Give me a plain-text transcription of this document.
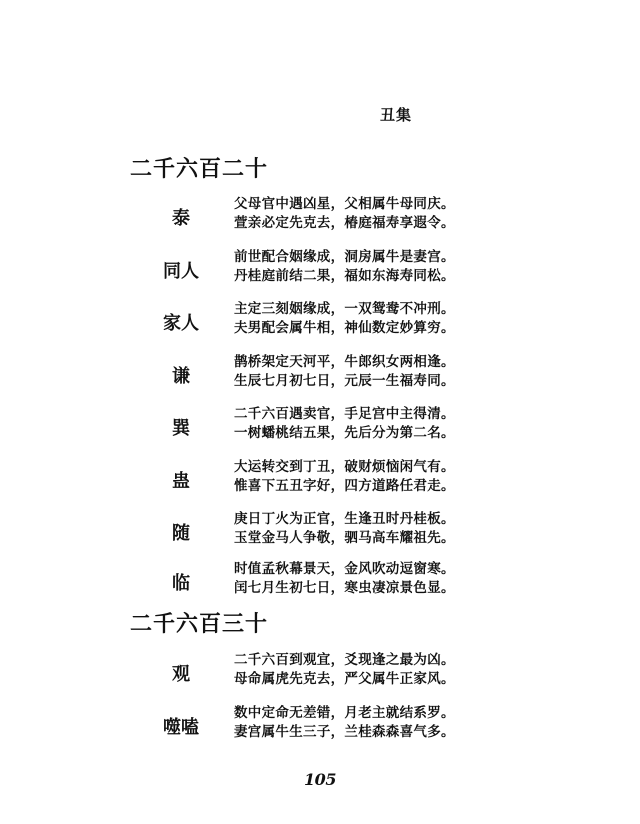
丑集
二千六百二十
泰
父母官中遇凶星，父相属牛母同庆。
萱亲必定先克去，椿庭福寿享遐令。
同人
前世配合姻缘成，洞房属牛是妻宫。
丹桂庭前结二果，福如东海寿同松。
家人
主定三刻姻缘成，一双鸳鸯不冲刑。
夫男配会属牛相，神仙数定妙算穷。
谦
鹊桥架定天河平，牛郎织女两相逢。
生辰七月初七日，元辰一生福寿同。
巽
二千六百遇卖官，手足宫中主得清。
一树蟠桃结五果，先后分为第二名。
蛊
大运转交到丁丑，破财烦恼闲气有。
惟喜下五丑字好，四方道路任君走。
随
庚日丁火为正官，生逢丑时丹桂板。
玉堂金马人争敬，驷马高车耀祖先。
临
时值孟秋幕景天，金风吹动逗窗寒。
闰七月生初七日，寒虫凄凉景色显。
二千六百三十
观
二千六百到观宜，爻现逢之最为凶。
母命属虎先克去，严父属牛正家风。
噬嗑
数中定命无差错，月老主就结系罗。
妻宫属牛生三子，兰桂森森喜气多。
105
